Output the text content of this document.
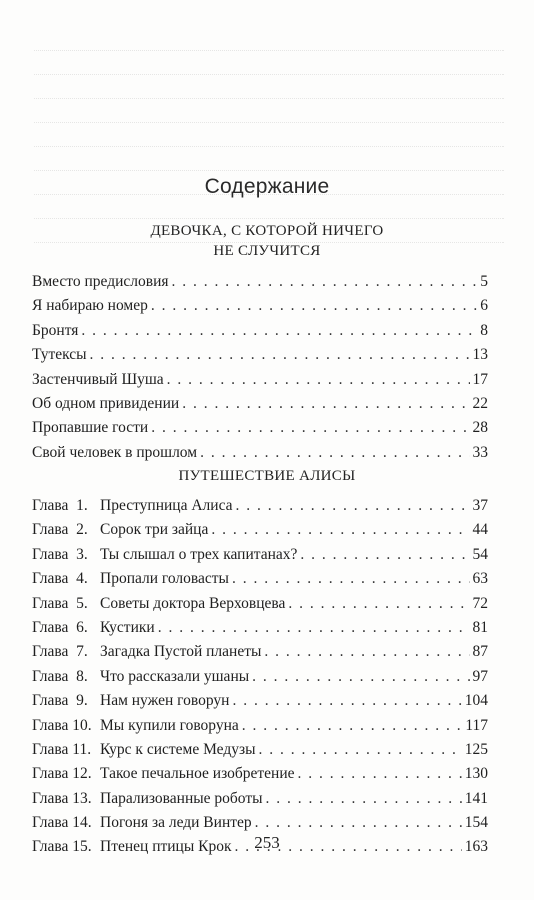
Содержание
ДЕВОЧКА, С КОТОРОЙ НИЧЕГО
НЕ СЛУЧИТСЯ
Вместо предисловия . . .	5
Я набираю номер . . .	6
Бронтя . . .	8
Тутексы . . .	13
Застенчивый Шуша . . .	17
Об одном привидении . . .	22
Пропавшие гости . . .	28
Свой человек в прошлом . . .	33
ПУТЕШЕСТВИЕ АЛИСЫ
Глава  1. Преступница Алиса . . .	37
Глава  2. Сорок три зайца . . .	44
Глава  3. Ты слышал о трех капитанах? . . .	54
Глава  4. Пропали головасты . . .	63
Глава  5. Советы доктора Верховцева . . .	72
Глава  6. Кустики . . .	81
Глава  7. Загадка Пустой планеты . . .	87
Глава  8. Что рассказали ушаны . . .	97
Глава  9. Нам нужен говорун . . .	104
Глава 10. Мы купили говоруна . . .	117
Глава 11. Курс к системе Медузы . . .	125
Глава 12. Такое печальное изобретение . . .	130
Глава 13. Парализованные роботы . . .	141
Глава 14. Погоня за леди Винтер . . .	154
Глава 15. Птенец птицы Крок . . .	163
253
